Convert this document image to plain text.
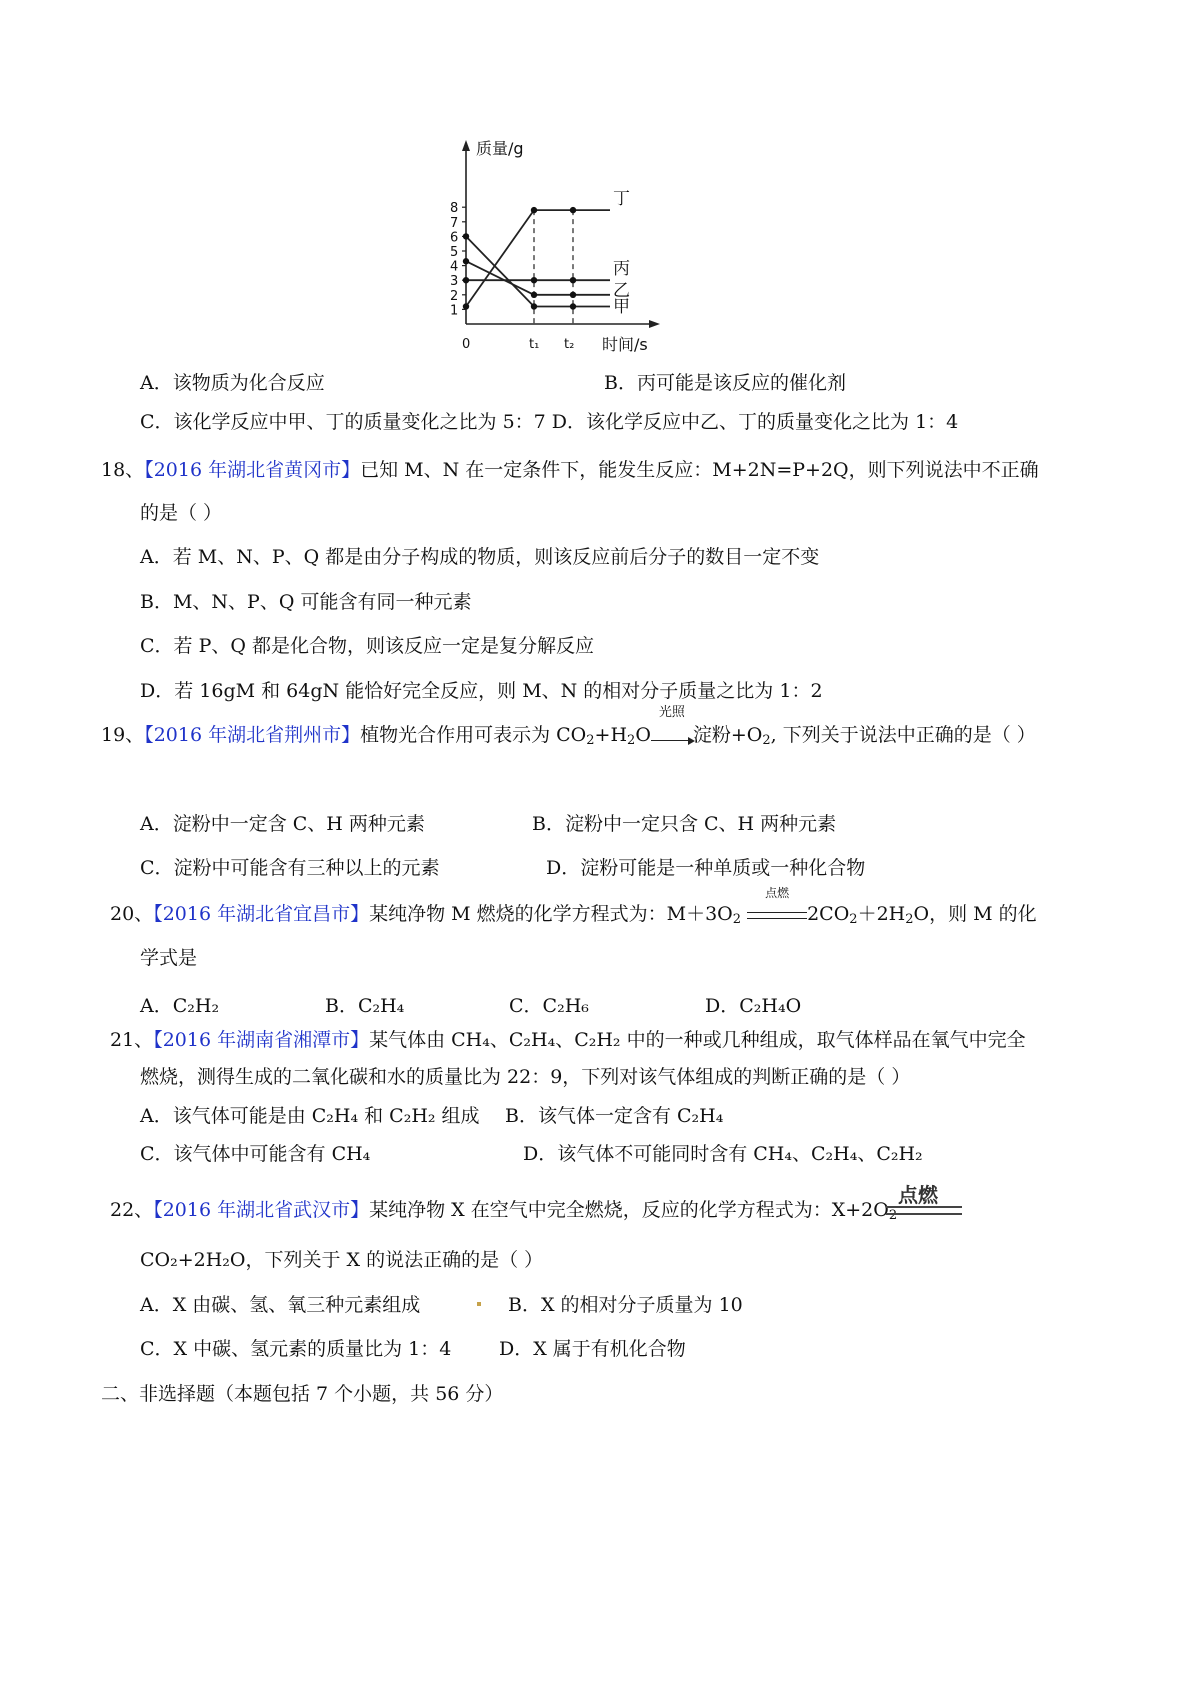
质量/g
时间/s
1
2
3
4
5
6
7
8
0	t₁ t₂
丁
丙
乙
甲
A．该物质为化合反应	B．丙可能是该反应的催化剂
C．该化学反应中甲、丁的质量变化之比为 5：7 D．该化学反应中乙、丁的质量变化之比为 1：4
18、【2016 年湖北省黄冈市】已知 M、N 在一定条件下，能发生反应：M+2N=P+2Q，则下列说法中不正确
的是（ ）
A．若 M、N、P、Q 都是由分子构成的物质，则该反应前后分子的数目一定不变
B．M、N、P、Q 可能含有同一种元素
C．若 P、Q 都是化合物，则该反应一定是复分解反应
D．若 16gM 和 64gN 能恰好完全反应，则 M、N 的相对分子质量之比为 1：2
19、【2016 年湖北省荆州市】植物光合作用可表示为 $CO_2+H_2O$
光照
淀粉$+O_2$, 下列关于说法中正确的是（ ）
A．淀粉中一定含 C、H 两种元素	B．淀粉中一定只含 C、H 两种元素
C．淀粉中可能含有三种以上的元素	D．淀粉可能是一种单质或一种化合物
20、【2016 年湖北省宜昌市】某纯净物 M 燃烧的化学方程式为：$M+3O_2$
点燃
$2CO_2+2H_2O$，则 M 的化
学式是
A．C₂H₂	B．C₂H₄	C．C₂H₆	D．C₂H₄O
21、【2016 年湖南省湘潭市】某气体由 CH₄、C₂H₄、C₂H₂ 中的一种或几种组成，取气体样品在氧气中完全
燃烧，测得生成的二氧化碳和水的质量比为 22：9，下列对该气体组成的判断正确的是（ ）
A．该气体可能是由 C₂H₄ 和 C₂H₂ 组成 B．该气体一定含有 C₂H₄
C．该气体中可能含有 CH₄	D．该气体不可能同时含有 CH₄、C₂H₄、C₂H₂
22、【2016 年湖北省武汉市】某纯净物 X 在空气中完全燃烧，反应的化学方程式为：$X+2O_2$
点燃
CO₂+2H₂O，下列关于 X 的说法正确的是（ ）
A．X 由碳、氢、氧三种元素组成	B．X 的相对分子质量为 10
C．X 中碳、氢元素的质量比为 1：4	D．X 属于有机化合物
二、非选择题（本题包括 7 个小题，共 56 分）
